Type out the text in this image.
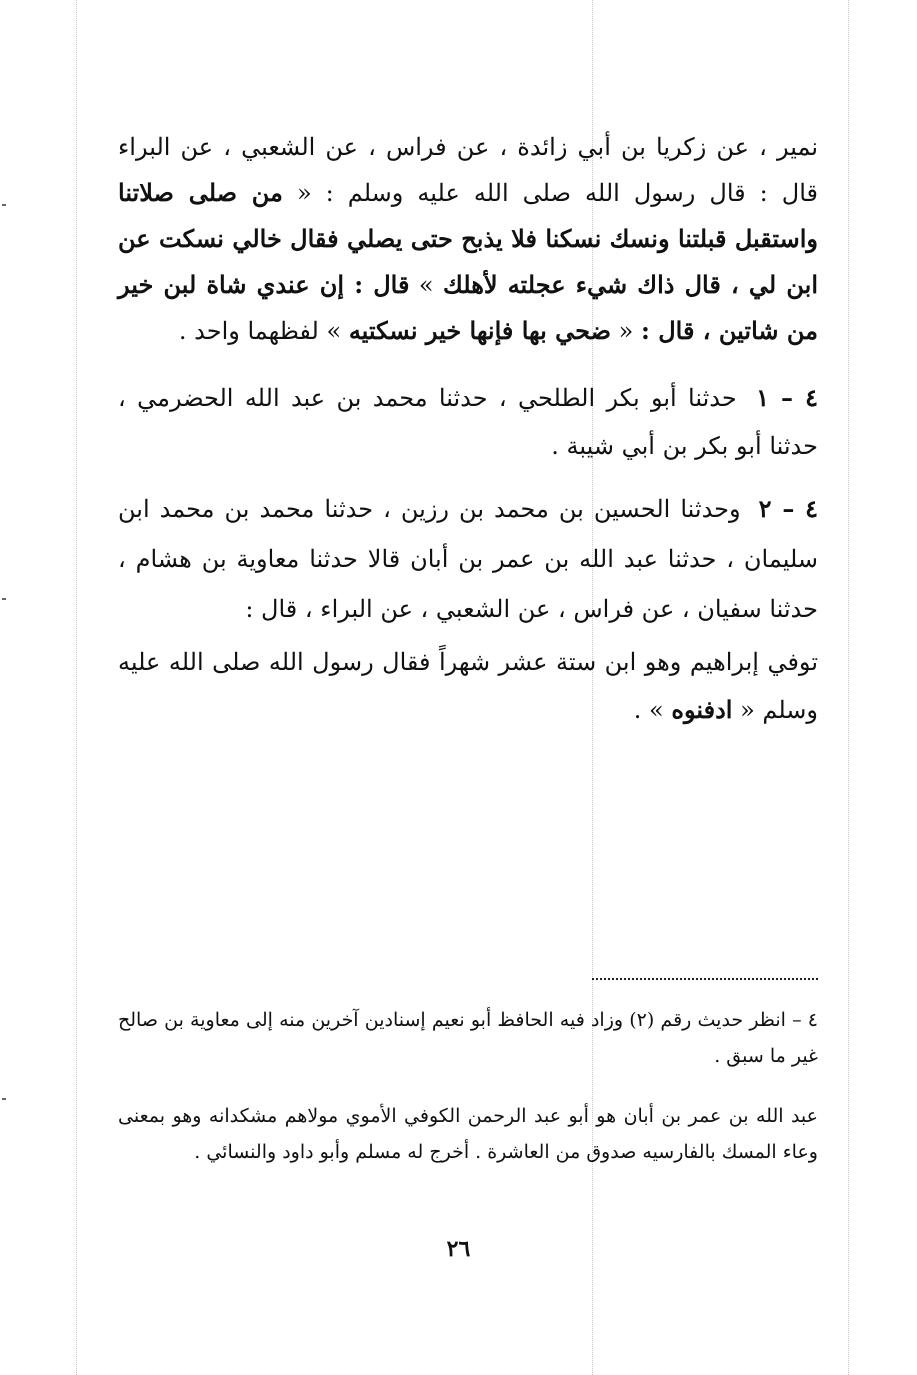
نمير ، عن زكريا بن أبي زائدة ، عن فراس ، عن الشعبي ، عن البراء قال : قال رسول الله صلى الله عليه وسلم : « من صلى صلاتنا واستقبل قبلتنا ونسك نسكنا فلا يذبح حتى يصلي فقال خالي نسكت عن ابن لي ، قال ذاك شيء عجلته لأهلك » قال : إن عندي شاة لبن خير من شاتين ، قال : « ضحي بها فإنها خير نسكتيه » لفظهما واحد .

٤ – ١ حدثنا أبو بكر الطلحي ، حدثنا محمد بن عبد الله الحضرمي ، حدثنا أبو بكر بن أبي شيبة .

٤ – ٢ وحدثنا الحسين بن محمد بن رزين ، حدثنا محمد بن محمد ابن سليمان ، حدثنا عبد الله بن عمر بن أبان قالا حدثنا معاوية بن هشام ، حدثنا سفيان ، عن فراس ، عن الشعبي ، عن البراء ، قال :

توفي إبراهيم وهو ابن ستة عشر شهراً فقال رسول الله صلى الله عليه وسلم « ادفنوه » .

٤ – انظر حديث رقم (٢) وزاد فيه الحافظ أبو نعيم إسنادين آخرين منه إلى معاوية بن صالح غير ما سبق .

عبد الله بن عمر بن أبان هو أبو عبد الرحمن الكوفي الأموي مولاهم مشكدانه وهو بمعنى وعاء المسك بالفارسيه صدوق من العاشرة . أخرج له مسلم وأبو داود والنسائي .

٢٦
